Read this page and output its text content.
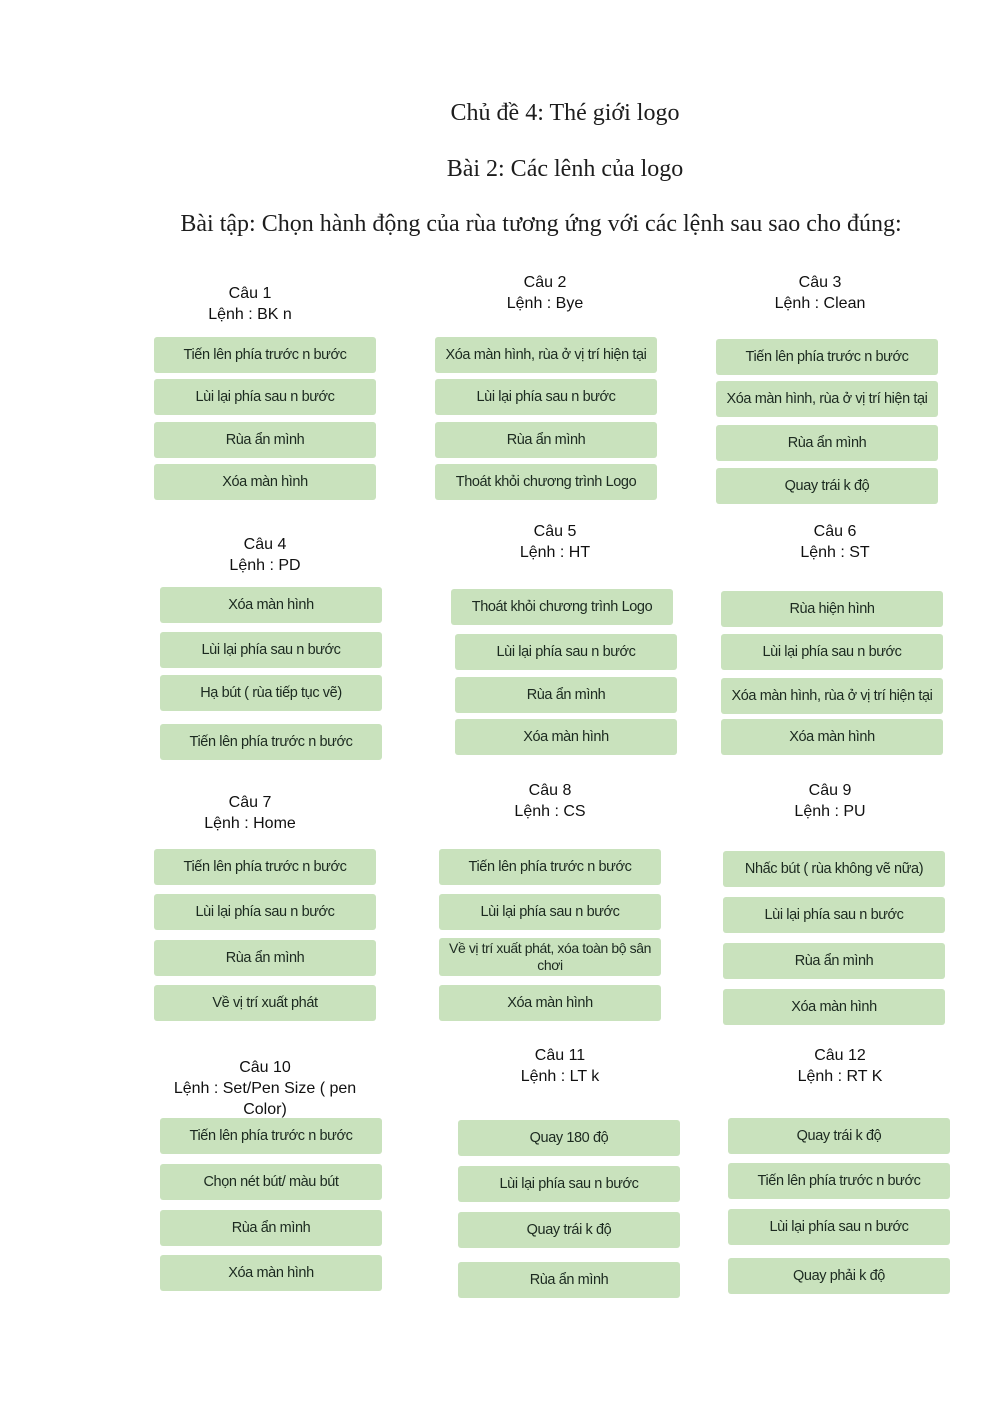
Chủ đề 4: Thé giới logo
Bài 2: Các lênh của logo
Bài tập: Chọn hành động của rùa tương ứng với các lệnh sau sao cho đúng:
Câu 1
Lệnh : BK n
Tiến lên phía trước n bước
Lùi lại phía sau n bước
Rùa ẩn mình
Xóa màn hình
Câu 2
Lệnh : Bye
Xóa màn hình, rùa ở vị trí hiện tại
Lùi lại phía sau n bước
Rùa ẩn mình
Thoát khỏi chương trình Logo
Câu 3
Lệnh : Clean
Tiến lên phía trước n bước
Xóa màn hình, rùa ở vị trí hiện tại
Rùa ẩn mình
Quay trái k độ
Câu 4
Lệnh : PD
Xóa màn hình
Lùi lại phía sau n bước
Hạ bút ( rùa tiếp tục vẽ)
Tiến lên phía trước n bước
Câu 5
Lệnh : HT
Thoát khỏi chương trình Logo
Lùi lại phía sau n bước
Rùa ẩn mình
Xóa màn hình
Câu 6
Lệnh : ST
Rùa hiện hình
Lùi lại phía sau n bước
Xóa màn hình, rùa ở vị trí hiện tại
Xóa màn hình
Câu 7
Lệnh : Home
Tiến lên phía trước n bước
Lùi lại phía sau n bước
Rùa ẩn mình
Về vị trí xuất phát
Câu 8
Lệnh : CS
Tiến lên phía trước n bước
Lùi lại phía sau n bước
Về vị trí xuất phát, xóa toàn bộ sân chơi
Xóa màn hình
Câu 9
Lệnh : PU
Nhấc bút ( rùa không vẽ nữa)
Lùi lại phía sau n bước
Rùa ẩn mình
Xóa màn hình
Câu 10
Lệnh : Set/Pen Size ( pen Color)
Tiến lên phía trước n bước
Chọn nét bút/ màu bút
Rùa ẩn mình
Xóa màn hình
Câu 11
Lệnh : LT k
Quay 180 độ
Lùi lại phía sau n bước
Quay trái k độ
Rùa ẩn mình
Câu 12
Lệnh : RT K
Quay trái k độ
Tiến lên phía trước n bước
Lùi lại phía sau n bước
Quay phải k độ
